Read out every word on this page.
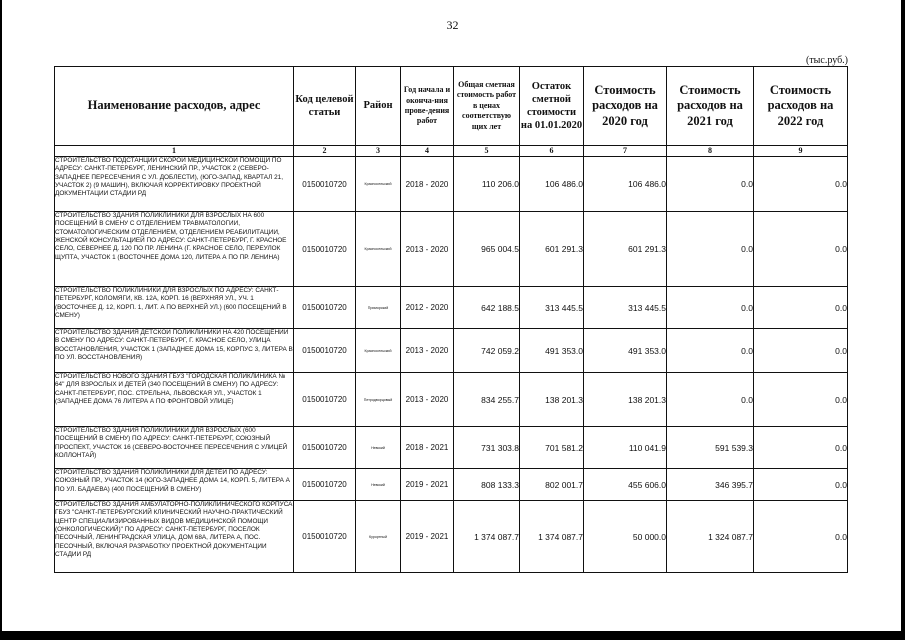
32
(тыс.руб.)
Наименование расходов, адрес	Код целевой статьи	Район	Год начала и оконча-ния прове-дения работ	Общая сметная стоимость работ в ценах соответствую щих лет	Остаток сметной стоимости на 01.01.2020	Стоимость расходов на 2020 год	Стоимость расходов на 2021 год	Стоимость расходов на 2022 год
1	2	3	4	5	6	7	8	9
СТРОИТЕЛЬСТВО ПОДСТАНЦИИ СКОРОЙ МЕДИЦИНСКОЙ ПОМОЩИ ПО АДРЕСУ: САНКТ-ПЕТЕРБУРГ, ЛЕНИНСКИЙ ПР., УЧАСТОК 2 (СЕВЕРО-ЗАПАДНЕЕ ПЕРЕСЕЧЕНИЯ С УЛ. ДОБЛЕСТИ), (ЮГО-ЗАПАД, КВАРТАЛ 21, УЧАСТОК 2) (9 МАШИН), ВКЛЮЧАЯ КОРРЕКТИРОВКУ ПРОЕКТНОЙ ДОКУМЕНТАЦИИ СТАДИИ РД	0150010720	Красносельский	2018 - 2020	110 206.0	106 486.0	106 486.0	0.0	0.0
СТРОИТЕЛЬСТВО ЗДАНИЯ ПОЛИКЛИНИКИ ДЛЯ ВЗРОСЛЫХ НА 600 ПОСЕЩЕНИЙ В СМЕНУ С ОТДЕЛЕНИЕМ ТРАВМАТОЛОГИИ, СТОМАТОЛОГИЧЕСКИМ ОТДЕЛЕНИЕМ, ОТДЕЛЕНИЕМ РЕАБИЛИТАЦИИ, ЖЕНСКОЙ КОНСУЛЬТАЦИЕЙ ПО АДРЕСУ: САНКТ-ПЕТЕРБУРГ, Г. КРАСНОЕ СЕЛО, СЕВЕРНЕЕ Д. 120 ПО ПР. ЛЕНИНА (Г. КРАСНОЕ СЕЛО, ПЕРЕУЛОК ЩУПТА, УЧАСТОК 1 (ВОСТОЧНЕЕ ДОМА 120, ЛИТЕРА А ПО ПР. ЛЕНИНА)	0150010720	Красносельский	2013 - 2020	965 004.5	601 291.3	601 291.3	0.0	0.0
СТРОИТЕЛЬСТВО ПОЛИКЛИНИКИ ДЛЯ ВЗРОСЛЫХ ПО АДРЕСУ: САНКТ-ПЕТЕРБУРГ, КОЛОМЯГИ, КВ. 12А, КОРП. 16 (ВЕРХНЯЯ УЛ., УЧ. 1 (ВОСТОЧНЕЕ Д. 12, КОРП. 1, ЛИТ. А ПО ВЕРХНЕЙ УЛ.) (600 ПОСЕЩЕНИЙ В СМЕНУ)	0150010720	Приморский	2012 - 2020	642 188.5	313 445.5	313 445.5	0.0	0.0
СТРОИТЕЛЬСТВО ЗДАНИЯ ДЕТСКОЙ ПОЛИКЛИНИКИ НА 420 ПОСЕЩЕНИЙ В СМЕНУ ПО АДРЕСУ: САНКТ-ПЕТЕРБУРГ, Г. КРАСНОЕ СЕЛО, УЛИЦА ВОССТАНОВЛЕНИЯ, УЧАСТОК 1 (ЗАПАДНЕЕ ДОМА 15, КОРПУС 3, ЛИТЕРА В ПО УЛ. ВОССТАНОВЛЕНИЯ)	0150010720	Красносельский	2013 - 2020	742 059.2	491 353.0	491 353.0	0.0	0.0
СТРОИТЕЛЬСТВО НОВОГО ЗДАНИЯ ГБУЗ "ГОРОДСКАЯ ПОЛИКЛИНИКА № 64" ДЛЯ ВЗРОСЛЫХ И ДЕТЕЙ (340 ПОСЕЩЕНИЙ В СМЕНУ) ПО АДРЕСУ: САНКТ-ПЕТЕРБУРГ, ПОС. СТРЕЛЬНА, ЛЬВОВСКАЯ УЛ., УЧАСТОК 1 (ЗАПАДНЕЕ ДОМА 76 ЛИТЕРА А ПО ФРОНТОВОЙ УЛИЦЕ)	0150010720	Петродворцовый	2013 - 2020	834 255.7	138 201.3	138 201.3	0.0	0.0
СТРОИТЕЛЬСТВО ЗДАНИЯ ПОЛИКЛИНИКИ ДЛЯ ВЗРОСЛЫХ (600 ПОСЕЩЕНИЙ В СМЕНУ) ПО АДРЕСУ: САНКТ-ПЕТЕРБУРГ, СОЮЗНЫЙ ПРОСПЕКТ, УЧАСТОК 16 (СЕВЕРО-ВОСТОЧНЕЕ ПЕРЕСЕЧЕНИЯ С УЛИЦЕЙ КОЛЛОНТАЙ)	0150010720	Невский	2018 - 2021	731 303.8	701 581.2	110 041.9	591 539.3	0.0
СТРОИТЕЛЬСТВО ЗДАНИЯ ПОЛИКЛИНИКИ ДЛЯ ДЕТЕЙ ПО АДРЕСУ: СОЮЗНЫЙ ПР., УЧАСТОК 14 (ЮГО-ЗАПАДНЕЕ ДОМА 14, КОРП. 5, ЛИТЕРА А ПО УЛ. БАДАЕВА) (400 ПОСЕЩЕНИЙ В СМЕНУ)	0150010720	Невский	2019 - 2021	808 133.3	802 001.7	455 606.0	346 395.7	0.0
СТРОИТЕЛЬСТВО ЗДАНИЯ АМБУЛАТОРНО-ПОЛИКЛИНИЧЕСКОГО КОРПУСА ГБУЗ "САНКТ-ПЕТЕРБУРГСКИЙ КЛИНИЧЕСКИЙ НАУЧНО-ПРАКТИЧЕСКИЙ ЦЕНТР СПЕЦИАЛИЗИРОВАННЫХ ВИДОВ МЕДИЦИНСКОЙ ПОМОЩИ (ОНКОЛОГИЧЕСКИЙ)" ПО АДРЕСУ: САНКТ-ПЕТЕРБУРГ, ПОСЕЛОК ПЕСОЧНЫЙ, ЛЕНИНГРАДСКАЯ УЛИЦА, ДОМ 68А, ЛИТЕРА А, ПОС. ПЕСОЧНЫЙ, ВКЛЮЧАЯ РАЗРАБОТКУ ПРОЕКТНОЙ ДОКУМЕНТАЦИИ СТАДИИ РД	0150010720	Курортный	2019 - 2021	1 374 087.7	1 374 087.7	50 000.0	1 324 087.7	0.0
